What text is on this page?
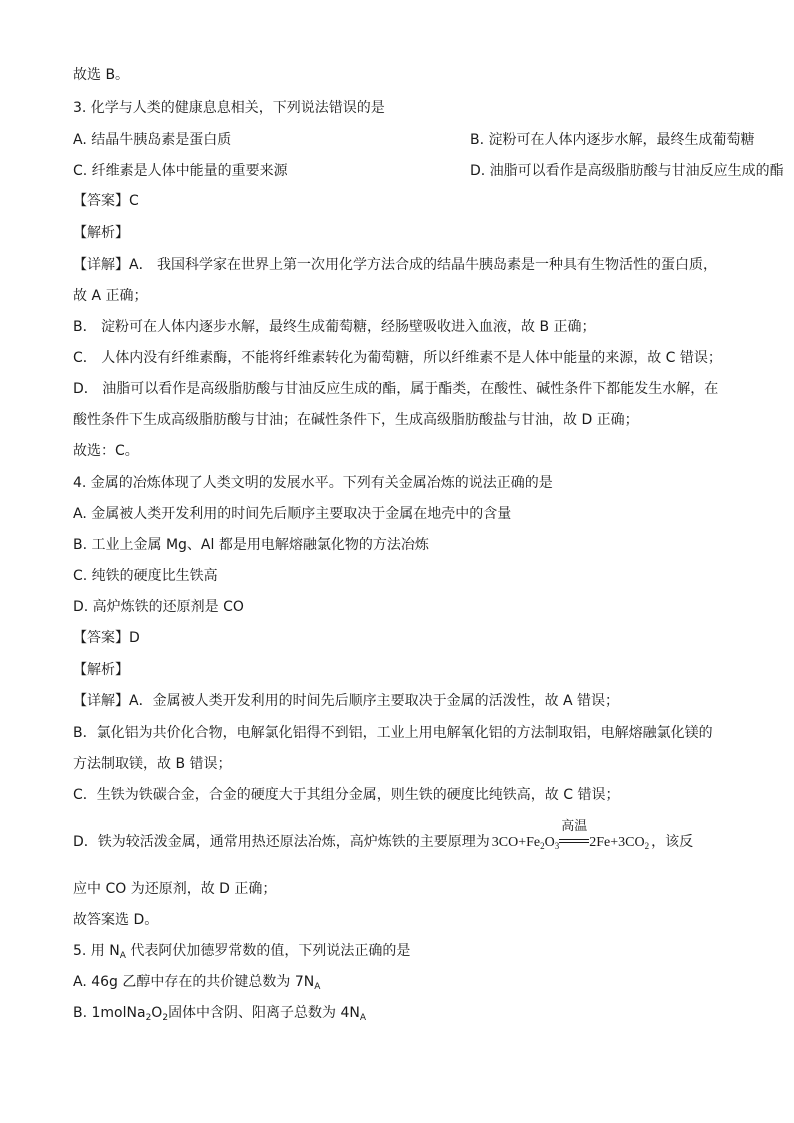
故选 B。
3. 化学与人类的健康息息相关，下列说法错误的是
A. 结晶牛胰岛素是蛋白质	B. 淀粉可在人体内逐步水解，最终生成葡萄糖
C. 纤维素是人体中能量的重要来源	D. 油脂可以看作是高级脂肪酸与甘油反应生成的酯
【答案】C
【解析】
【详解】A． 我国科学家在世界上第一次用化学方法合成的结晶牛胰岛素是一种具有生物活性的蛋白质，
故 A 正确；
B． 淀粉可在人体内逐步水解，最终生成葡萄糖，经肠壁吸收进入血液，故 B 正确；
C． 人体内没有纤维素酶，不能将纤维素转化为葡萄糖，所以纤维素不是人体中能量的来源，故 C 错误；
D． 油脂可以看作是高级脂肪酸与甘油反应生成的酯，属于酯类，在酸性、碱性条件下都能发生水解，在
酸性条件下生成高级脂肪酸与甘油；在碱性条件下，生成高级脂肪酸盐与甘油，故 D 正确；
故选：C。
4. 金属的冶炼体现了人类文明的发展水平。下列有关金属冶炼的说法正确的是
A. 金属被人类开发利用的时间先后顺序主要取决于金属在地壳中的含量
B. 工业上金属 Mg、Al 都是用电解熔融氯化物的方法冶炼
C. 纯铁的硬度比生铁高
D. 高炉炼铁的还原剂是 CO
【答案】D
【解析】
【详解】A．金属被人类开发利用的时间先后顺序主要取决于金属的活泼性，故 A 错误；
B．氯化铝为共价化合物，电解氯化铝得不到铝，工业上用电解氧化铝的方法制取铝，电解熔融氯化镁的
方法制取镁，故 B 错误；
C．生铁为铁碳合金，合金的硬度大于其组分金属，则生铁的硬度比纯铁高，故 C 错误；
D．铁为较活泼金属，通常用热还原法冶炼，高炉炼铁的主要原理为 $3CO+Fe_2O_3$
高温
$2Fe+3CO_2$ ，该反
应中 CO 为还原剂，故 D 正确；
故答案选 D。
5. 用 $N_A$ 代表阿伏加德罗常数的值，下列说法正确的是
A. 46g 乙醇中存在的共价键总数为 $7N_A$
B. $1molNa_2O_2$固体中含阴、阳离子总数为 $4N_A$
